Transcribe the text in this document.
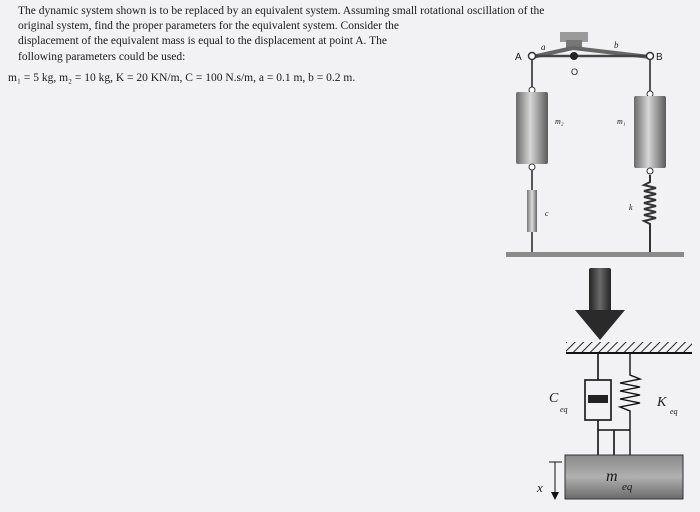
The dynamic system shown is to be replaced by an equivalent system. Assuming small rotational oscillation of the

original system, find the proper parameters for the equivalent system. Consider the

displacement of the equivalent mass is equal to the displacement at point A. The

following parameters could be used:

m₁ = 5 kg, m₂ = 10 kg, K = 20 KN/m, C = 100 N.s/m, a = 0.1 m, b = 0.2 m.
A	B
O
a	b
m₂
c
m₁
k
C
eq	K
eq
m
eq
x
